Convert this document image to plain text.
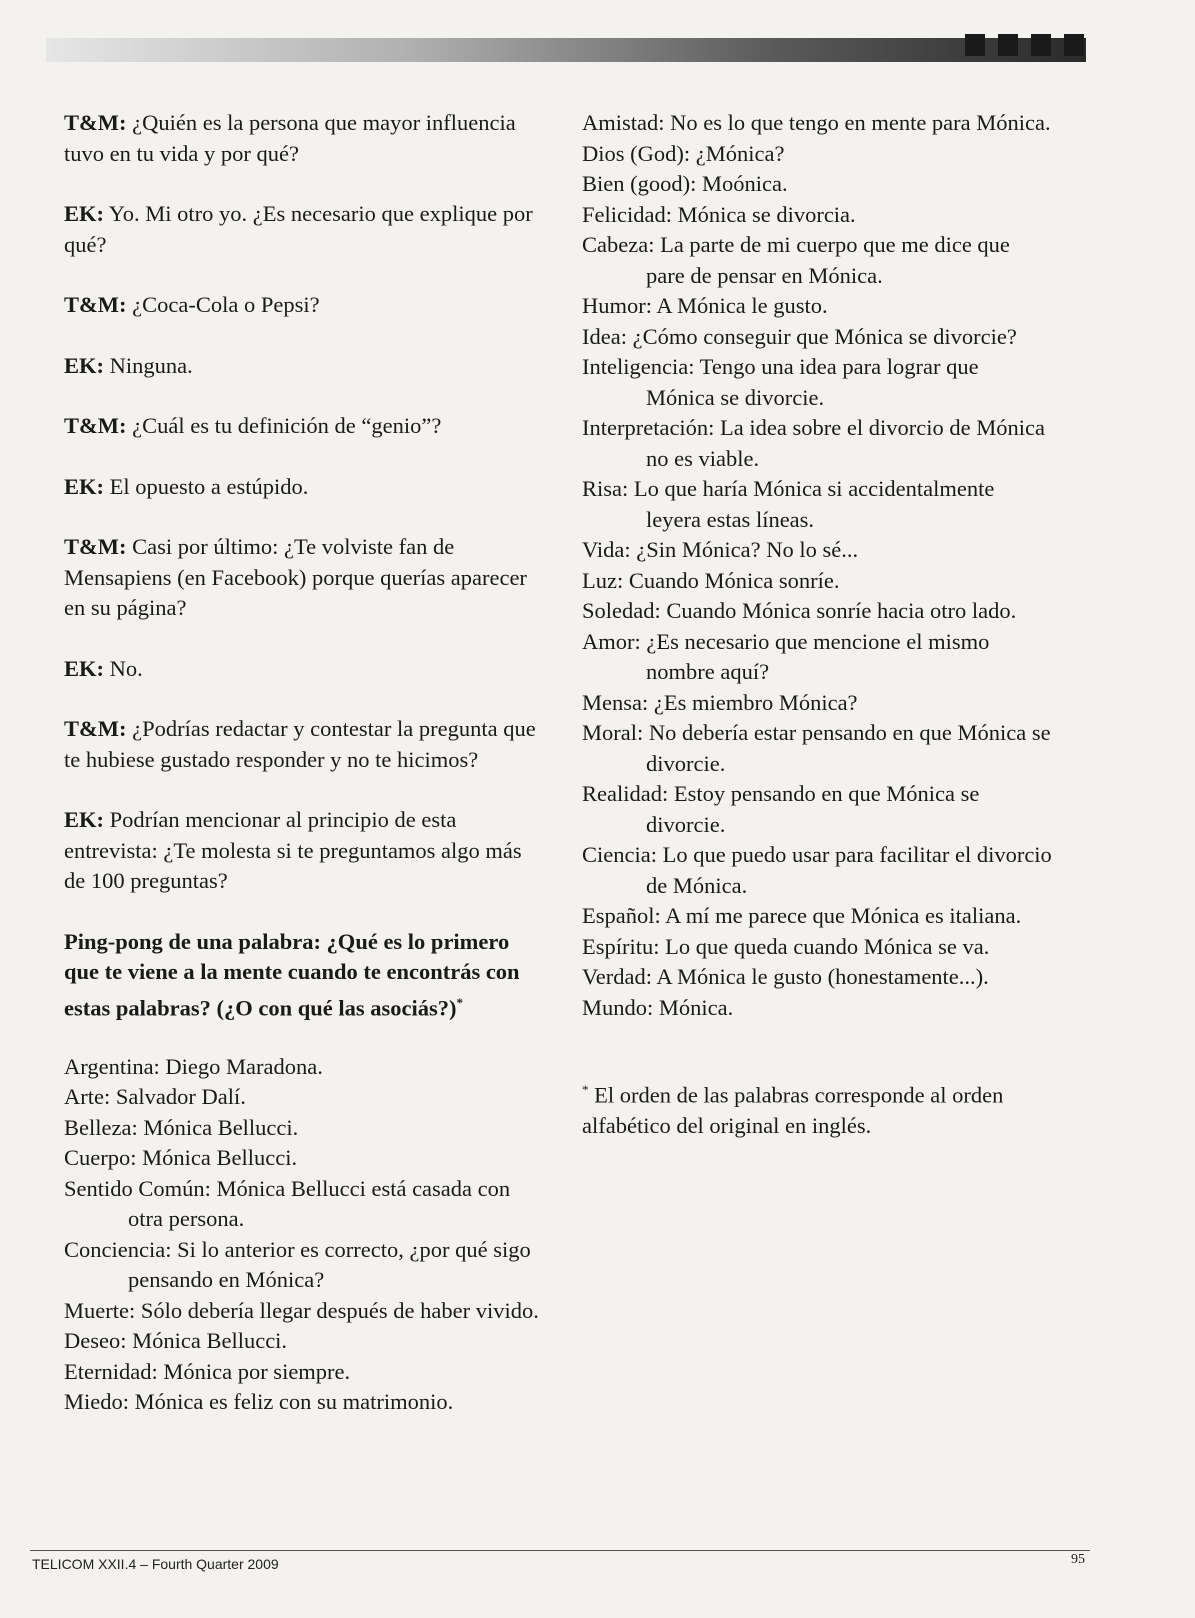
T&M: ¿Quién es la persona que mayor influencia tuvo en tu vida y por qué?

EK: Yo. Mi otro yo. ¿Es necesario que explique por qué?

T&M: ¿Coca-Cola o Pepsi?

EK: Ninguna.

T&M: ¿Cuál es tu definición de “genio”?

EK: El opuesto a estúpido.

T&M: Casi por último: ¿Te volviste fan de Mensapiens (en Facebook) porque querías aparecer en su página?

EK: No.

T&M: ¿Podrías redactar y contestar la pregunta que te hubiese gustado responder y no te hicimos?

EK: Podrían mencionar al principio de esta entrevista: ¿Te molesta si te preguntamos algo más de 100 preguntas?

Ping-pong de una palabra: ¿Qué es lo primero que te viene a la mente cuando te encontrás con estas palabras? (¿O con qué las asociás?)*

Argentina: Diego Maradona.

Arte: Salvador Dalí.

Belleza: Mónica Bellucci.

Cuerpo: Mónica Bellucci.

Sentido Común: Mónica Bellucci está casada con otra persona.

Conciencia: Si lo anterior es correcto, ¿por qué sigo pensando en Mónica?

Muerte: Sólo debería llegar después de haber vivido.

Deseo: Mónica Bellucci.

Eternidad: Mónica por siempre.

Miedo: Mónica es feliz con su matrimonio.

Amistad: No es lo que tengo en mente para Mónica.

Dios (God): ¿Mónica?

Bien (good): Moónica.

Felicidad: Mónica se divorcia.

Cabeza: La parte de mi cuerpo que me dice que pare de pensar en Mónica.

Humor: A Mónica le gusto.

Idea: ¿Cómo conseguir que Mónica se divorcie?

Inteligencia: Tengo una idea para lograr que Mónica se divorcie.

Interpretación: La idea sobre el divorcio de Mónica no es viable.

Risa: Lo que haría Mónica si accidentalmente leyera estas líneas.

Vida: ¿Sin Mónica? No lo sé...

Luz: Cuando Mónica sonríe.

Soledad: Cuando Mónica sonríe hacia otro lado.

Amor: ¿Es necesario que mencione el mismo nombre aquí?

Mensa: ¿Es miembro Mónica?

Moral: No debería estar pensando en que Mónica se divorcie.

Realidad: Estoy pensando en que Mónica se divorcie.

Ciencia: Lo que puedo usar para facilitar el divorcio de Mónica.

Español: A mí me parece que Mónica es italiana.

Espíritu: Lo que queda cuando Mónica se va.

Verdad: A Mónica le gusto (honestamente...).

Mundo: Mónica.

* El orden de las palabras corresponde al orden alfabético del original en inglés.

TELICOM XXII.4 – Fourth Quarter 2009	95
